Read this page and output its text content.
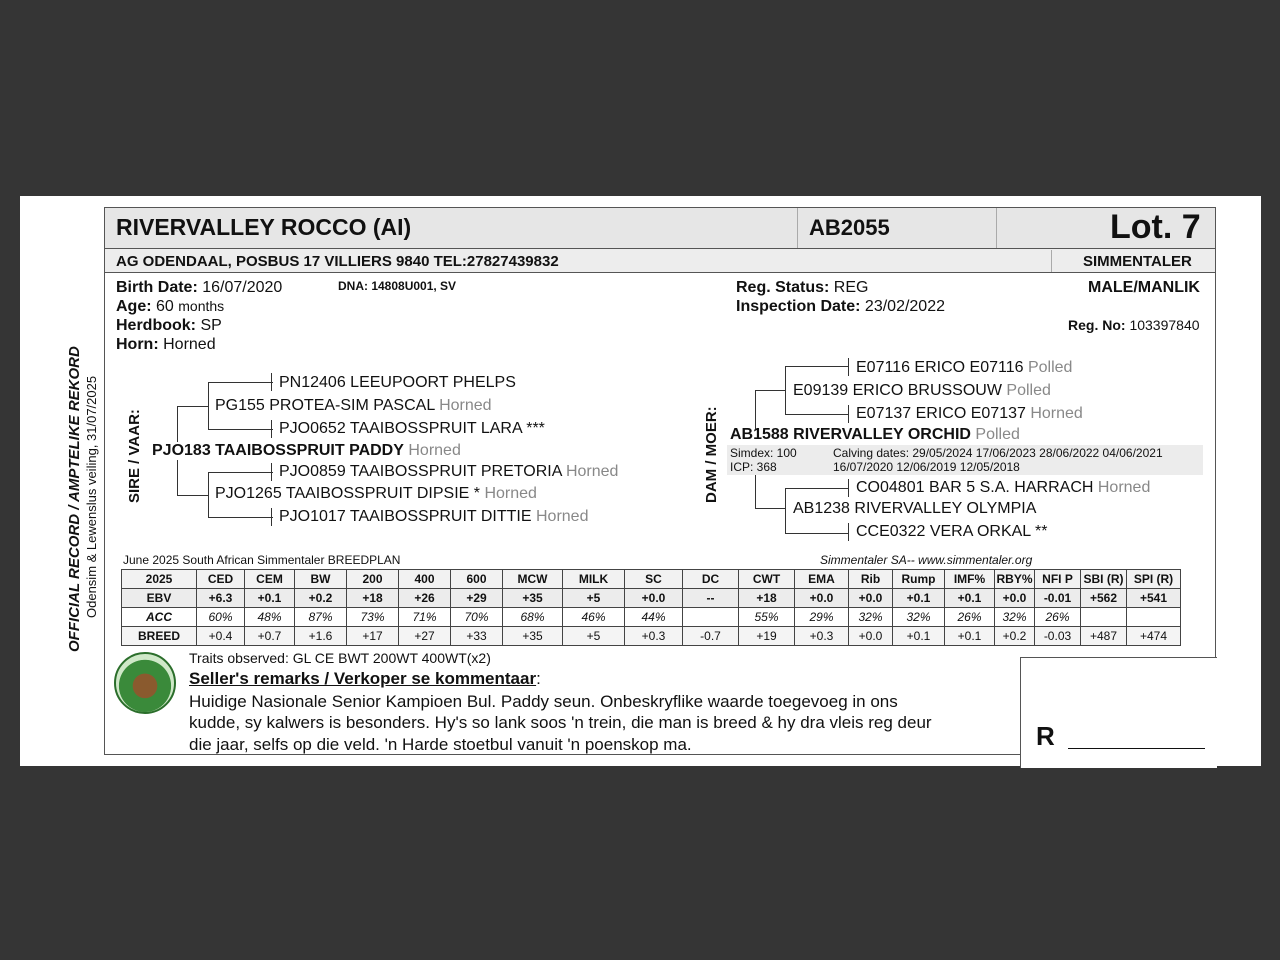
OFFICIAL RECORD / AMPTELIKE REKORD Odensim & Lewenslus veiling, 31/07/2025
RIVERVALLEY ROCCO (AI)	AB2055	Lot. 7
AG ODENDAAL, POSBUS 17 VILLIERS 9840 TEL:27827439832	SIMMENTALER
Birth Date: 16/07/2020
Age: 60 months
Herdbook: SP
Horn: Horned
DNA: 14808U001, SV	Reg. Status: REG
Inspection Date: 23/02/2022
MALE/MANLIK
Reg. No: 103397840
SIRE / VAAR:
PN12406 LEEUPOORT PHELPS
PG155 PROTEA-SIM PASCAL Horned
PJO0652 TAAIBOSSPRUIT LARA ***
PJO183 TAAIBOSSPRUIT PADDY Horned
PJO0859 TAAIBOSSPRUIT PRETORIA Horned
PJO1265 TAAIBOSSPRUIT DIPSIE * Horned
PJO1017 TAAIBOSSPRUIT DITTIE Horned
DAM / MOER:
E07116 ERICO E07116 Polled
E09139 ERICO BRUSSOUW Polled
E07137 ERICO E07137 Horned
AB1588 RIVERVALLEY ORCHID Polled
Simdex: 100
ICP: 368
Calving dates: 29/05/2024 17/06/2023 28/06/2022 04/06/2021
16/07/2020 12/06/2019 12/05/2018
CO04801 BAR 5 S.A. HARRACH Horned
AB1238 RIVERVALLEY OLYMPIA
CCE0322 VERA ORKAL **
June 2025 South African Simmentaler BREEDPLAN	Simmentaler SA-- www.simmentaler.org
2025	CED	CEM	BW	200	400	600	MCW	MILK	SC	DC	CWT	EMA	Rib	Rump	IMF%	RBY%	NFI P	SBI (R)	SPI (R)
EBV	+6.3	+0.1	+0.2	+18	+26	+29	+35	+5	+0.0	--	+18	+0.0	+0.0	+0.1	+0.1	+0.0	-0.01	+562	+541
ACC	60%	48%	87%	73%	71%	70%	68%	46%	44%		55%	29%	32%	32%	26%	32%	26%		
BREED	+0.4	+0.7	+1.6	+17	+27	+33	+35	+5	+0.3	-0.7	+19	+0.3	+0.0	+0.1	+0.1	+0.2	-0.03	+487	+474
Traits observed: GL CE BWT 200WT 400WT(x2)
Seller's remarks / Verkoper se kommentaar:
Huidige Nasionale Senior Kampioen Bul. Paddy seun. Onbeskryflike waarde toegevoeg in ons
kudde, sy kalwers is besonders. Hy's so lank soos 'n trein, die man is breed & hy dra vleis reg deur
die jaar, selfs op die veld. 'n Harde stoetbul vanuit 'n poenskop ma.	R
